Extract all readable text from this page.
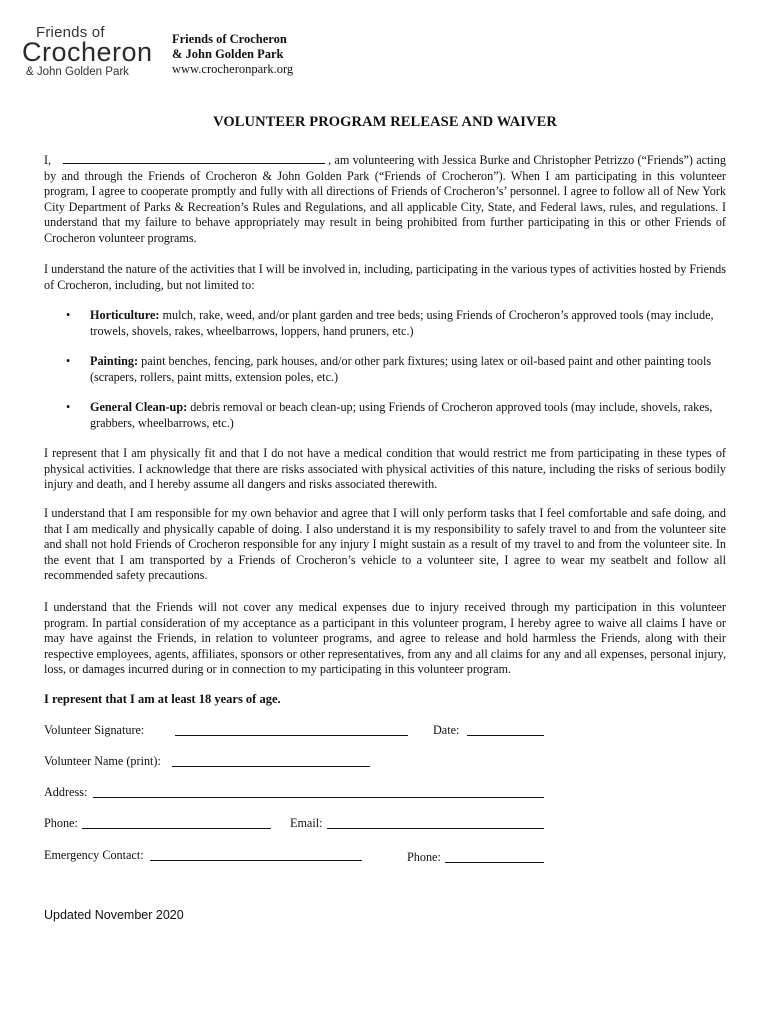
Friends of
Crocheron
& John Golden Park
Friends of Crocheron
& John Golden Park
www.crocheronpark.org
VOLUNTEER PROGRAM RELEASE AND WAIVER

I,	, am volunteering with Jessica Burke and Christopher Petrizzo (“Friends”) acting by and through the Friends of Crocheron & John Golden Park (“Friends of Crocheron”). When I am participating in this volunteer program, I agree to cooperate promptly and fully with all directions of Friends of Crocheron’s’ personnel. I agree to follow all of New York City Department of Parks & Recreation’s Rules and Regulations, and all applicable City, State, and Federal laws, rules, and regulations. I understand that my failure to behave appropriately may result in being prohibited from further participating in this or other Friends of Crocheron volunteer programs.

I understand the nature of the activities that I will be involved in, including, participating in the various types of activities hosted by Friends of Crocheron, including, but not limited to:

• Horticulture: mulch, rake, weed, and/or plant garden and tree beds; using Friends of Crocheron’s approved tools (may include, trowels, shovels, rakes, wheelbarrows, loppers, hand pruners, etc.)

• Painting: paint benches, fencing, park houses, and/or other park fixtures; using latex or oil-based paint and other painting tools (scrapers, rollers, paint mitts, extension poles, etc.)

• General Clean-up: debris removal or beach clean-up; using Friends of Crocheron approved tools (may include, shovels, rakes, grabbers, wheelbarrows, etc.)

I represent that I am physically fit and that I do not have a medical condition that would restrict me from participating in these types of physical activities. I acknowledge that there are risks associated with physical activities of this nature, including the risks of serious bodily injury and death, and I hereby assume all dangers and risks associated therewith.

I understand that I am responsible for my own behavior and agree that I will only perform tasks that I feel comfortable and safe doing, and that I am medically and physically capable of doing. I also understand it is my responsibility to safely travel to and from the volunteer site and shall not hold Friends of Crocheron responsible for any injury I might sustain as a result of my travel to and from the volunteer site. In the event that I am transported by a Friends of Crocheron’s vehicle to a volunteer site, I agree to wear my seatbelt and follow all recommended safety precautions.

I understand that the Friends will not cover any medical expenses due to injury received through my participation in this volunteer program. In partial consideration of my acceptance as a participant in this volunteer program, I hereby agree to waive all claims I have or may have against the Friends, in relation to volunteer programs, and agree to release and hold harmless the Friends, along with their respective employees, agents, affiliates, sponsors or other representatives, from any and all claims for any and all expenses, personal injury, loss, or damages incurred during or in connection to my participating in this volunteer program.

I represent that I am at least 18 years of age.
Volunteer Signature:	Date:
Volunteer Name (print):
Address:
Phone:	Email:
Emergency Contact:	Phone:
Updated November 2020
